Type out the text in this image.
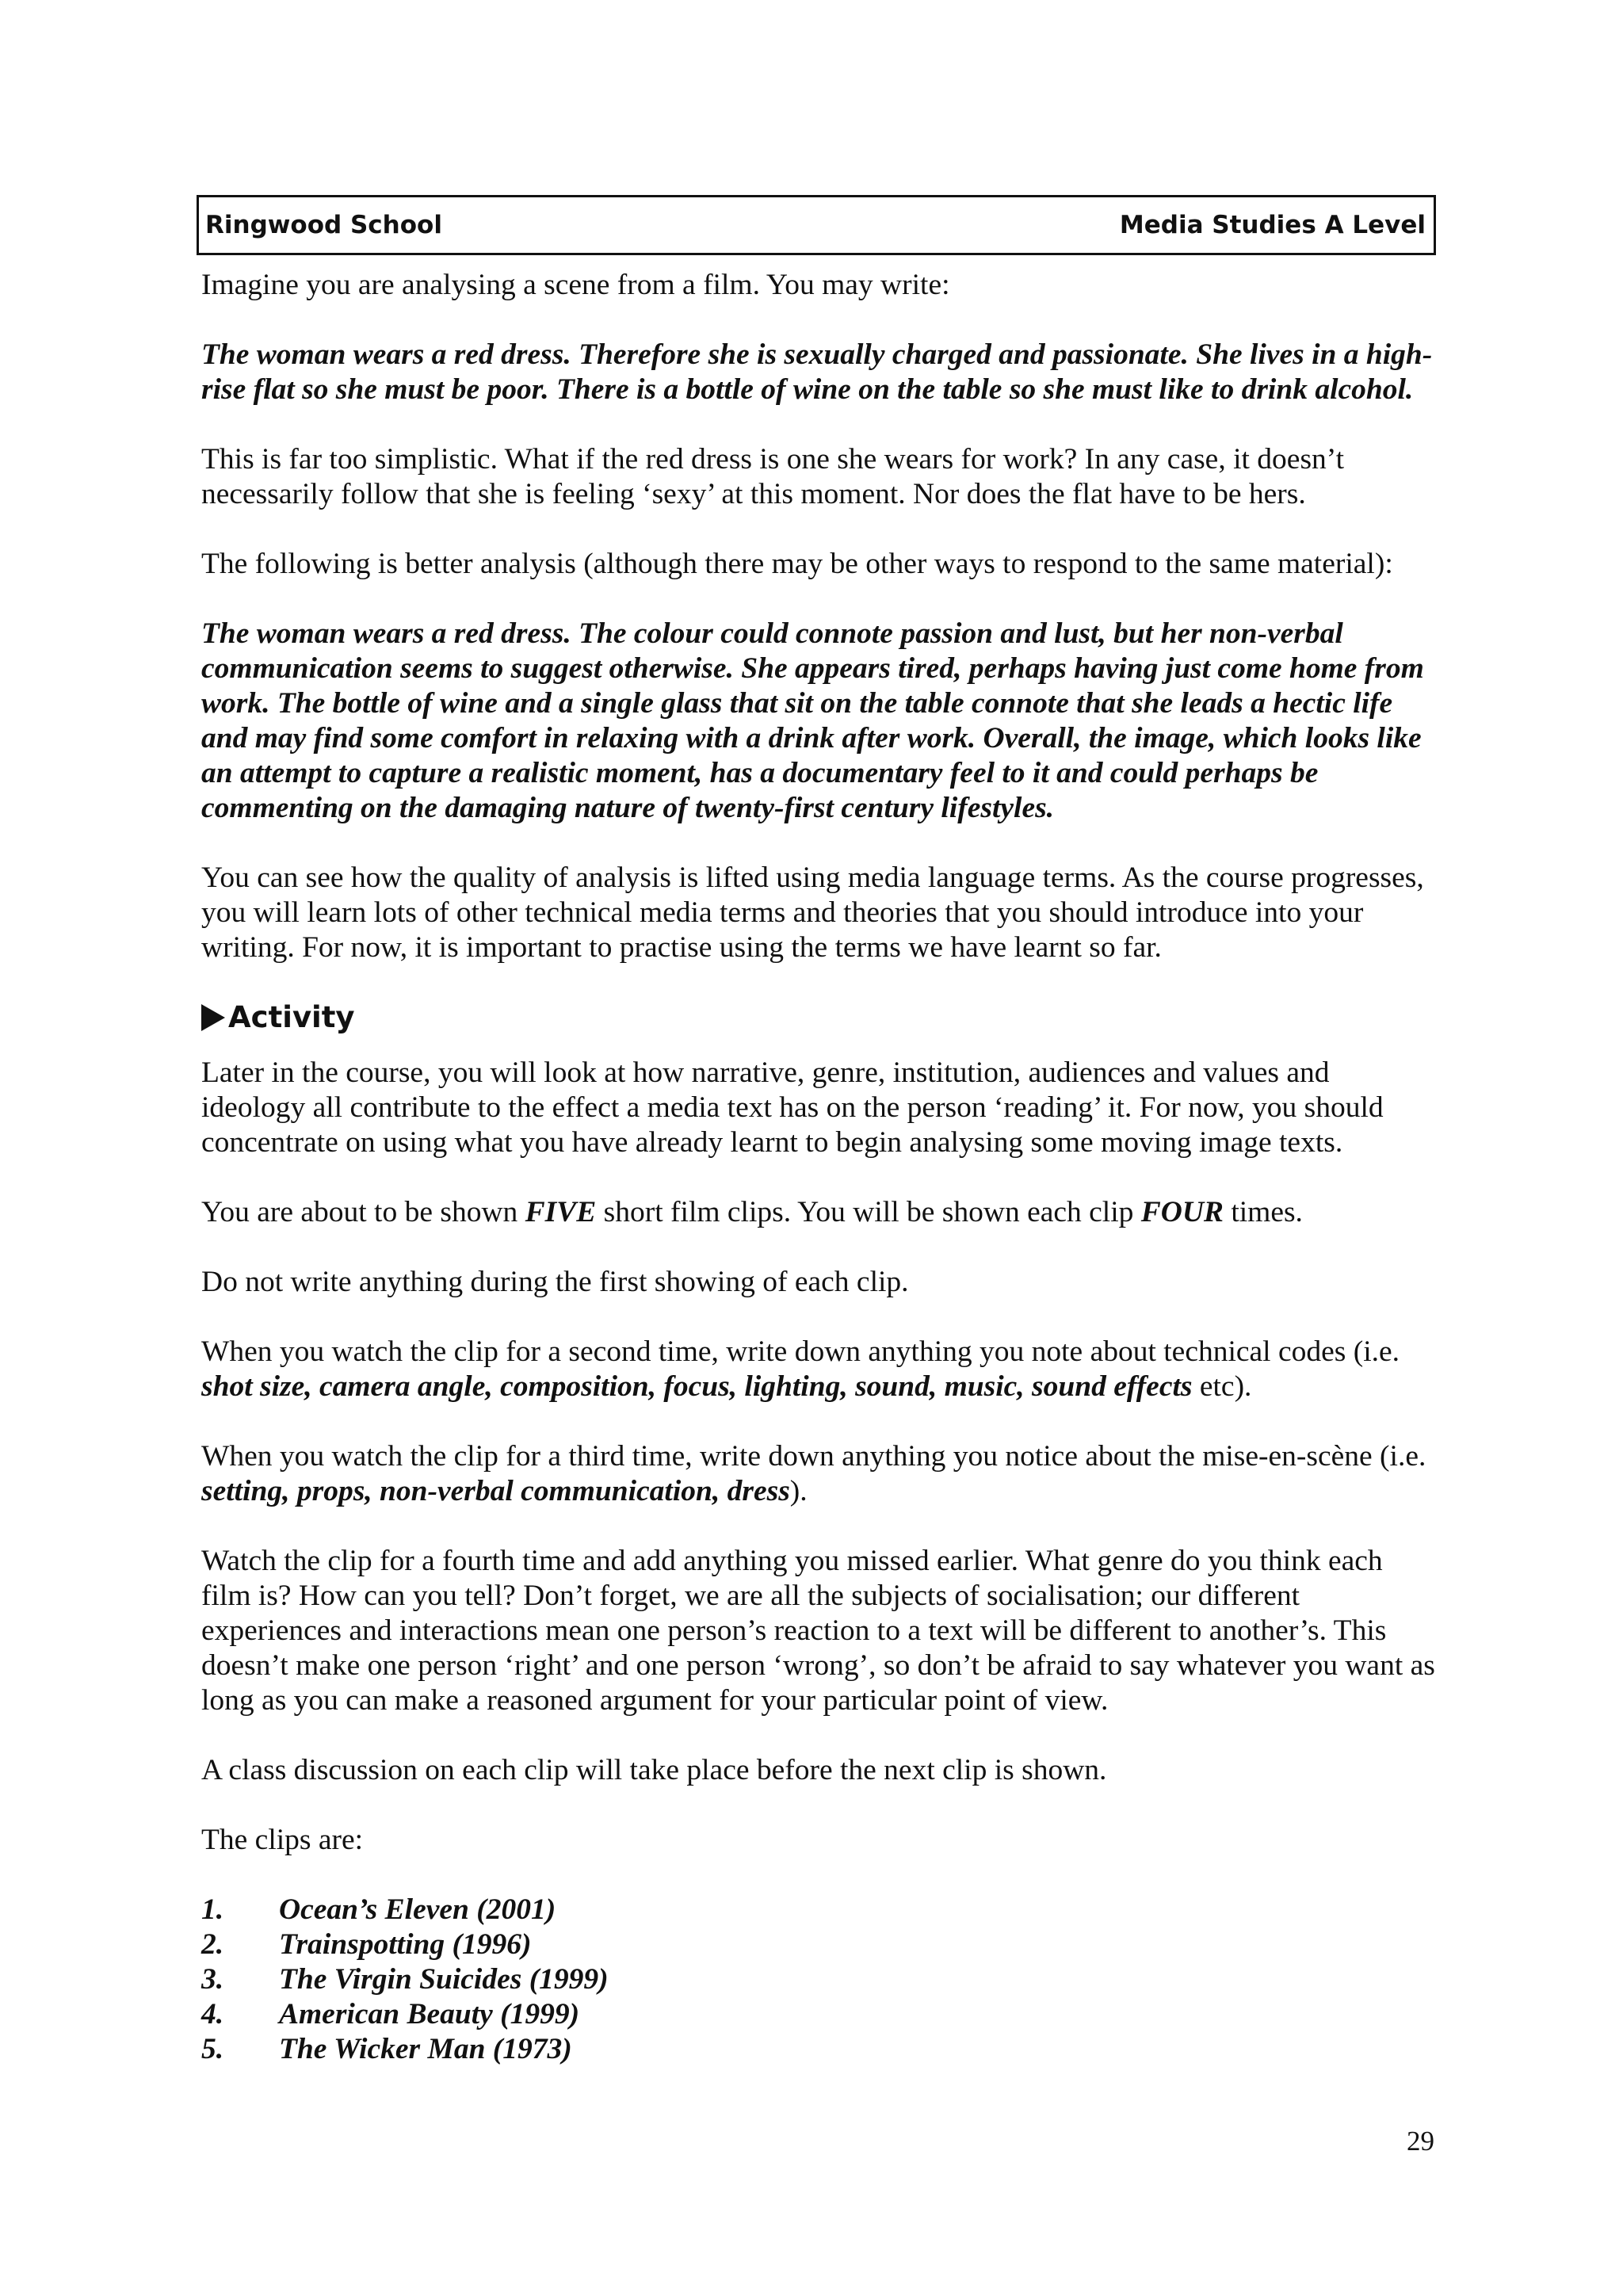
Ringwood School	Media Studies A Level

Imagine you are analysing a scene from a film. You may write:

The woman wears a red dress. Therefore she is sexually charged and passionate. She lives in a high-rise flat so she must be poor. There is a bottle of wine on the table so she must like to drink alcohol.

This is far too simplistic. What if the red dress is one she wears for work? In any case, it doesn’t necessarily follow that she is feeling ‘sexy’ at this moment. Nor does the flat have to be hers.

The following is better analysis (although there may be other ways to respond to the same material):

The woman wears a red dress. The colour could connote passion and lust, but her non-verbal communication seems to suggest otherwise. She appears tired, perhaps having just come home from work. The bottle of wine and a single glass that sit on the table connote that she leads a hectic life and may find some comfort in relaxing with a drink after work. Overall, the image, which looks like an attempt to capture a realistic moment, has a documentary feel to it and could perhaps be commenting on the damaging nature of twenty-first century lifestyles.

You can see how the quality of analysis is lifted using media language terms. As the course progresses, you will learn lots of other technical media terms and theories that you should introduce into your writing. For now, it is important to practise using the terms we have learnt so far.

Activity

Later in the course, you will look at how narrative, genre, institution, audiences and values and ideology all contribute to the effect a media text has on the person ‘reading’ it. For now, you should concentrate on using what you have already learnt to begin analysing some moving image texts.

You are about to be shown FIVE short film clips. You will be shown each clip FOUR times.

Do not write anything during the first showing of each clip.

When you watch the clip for a second time, write down anything you note about technical codes (i.e. shot size, camera angle, composition, focus, lighting, sound, music, sound effects etc).

When you watch the clip for a third time, write down anything you notice about the mise-en-scène (i.e. setting, props, non-verbal communication, dress).

Watch the clip for a fourth time and add anything you missed earlier. What genre do you think each film is? How can you tell? Don’t forget, we are all the subjects of socialisation; our different experiences and interactions mean one person’s reaction to a text will be different to another’s. This doesn’t make one person ‘right’ and one person ‘wrong’, so don’t be afraid to say whatever you want as long as you can make a reasoned argument for your particular point of view.

A class discussion on each clip will take place before the next clip is shown.

The clips are:

1.	Ocean’s Eleven (2001)
2.	Trainspotting (1996)
3.	The Virgin Suicides (1999)
4.	American Beauty (1999)
5.	The Wicker Man (1973)
29
